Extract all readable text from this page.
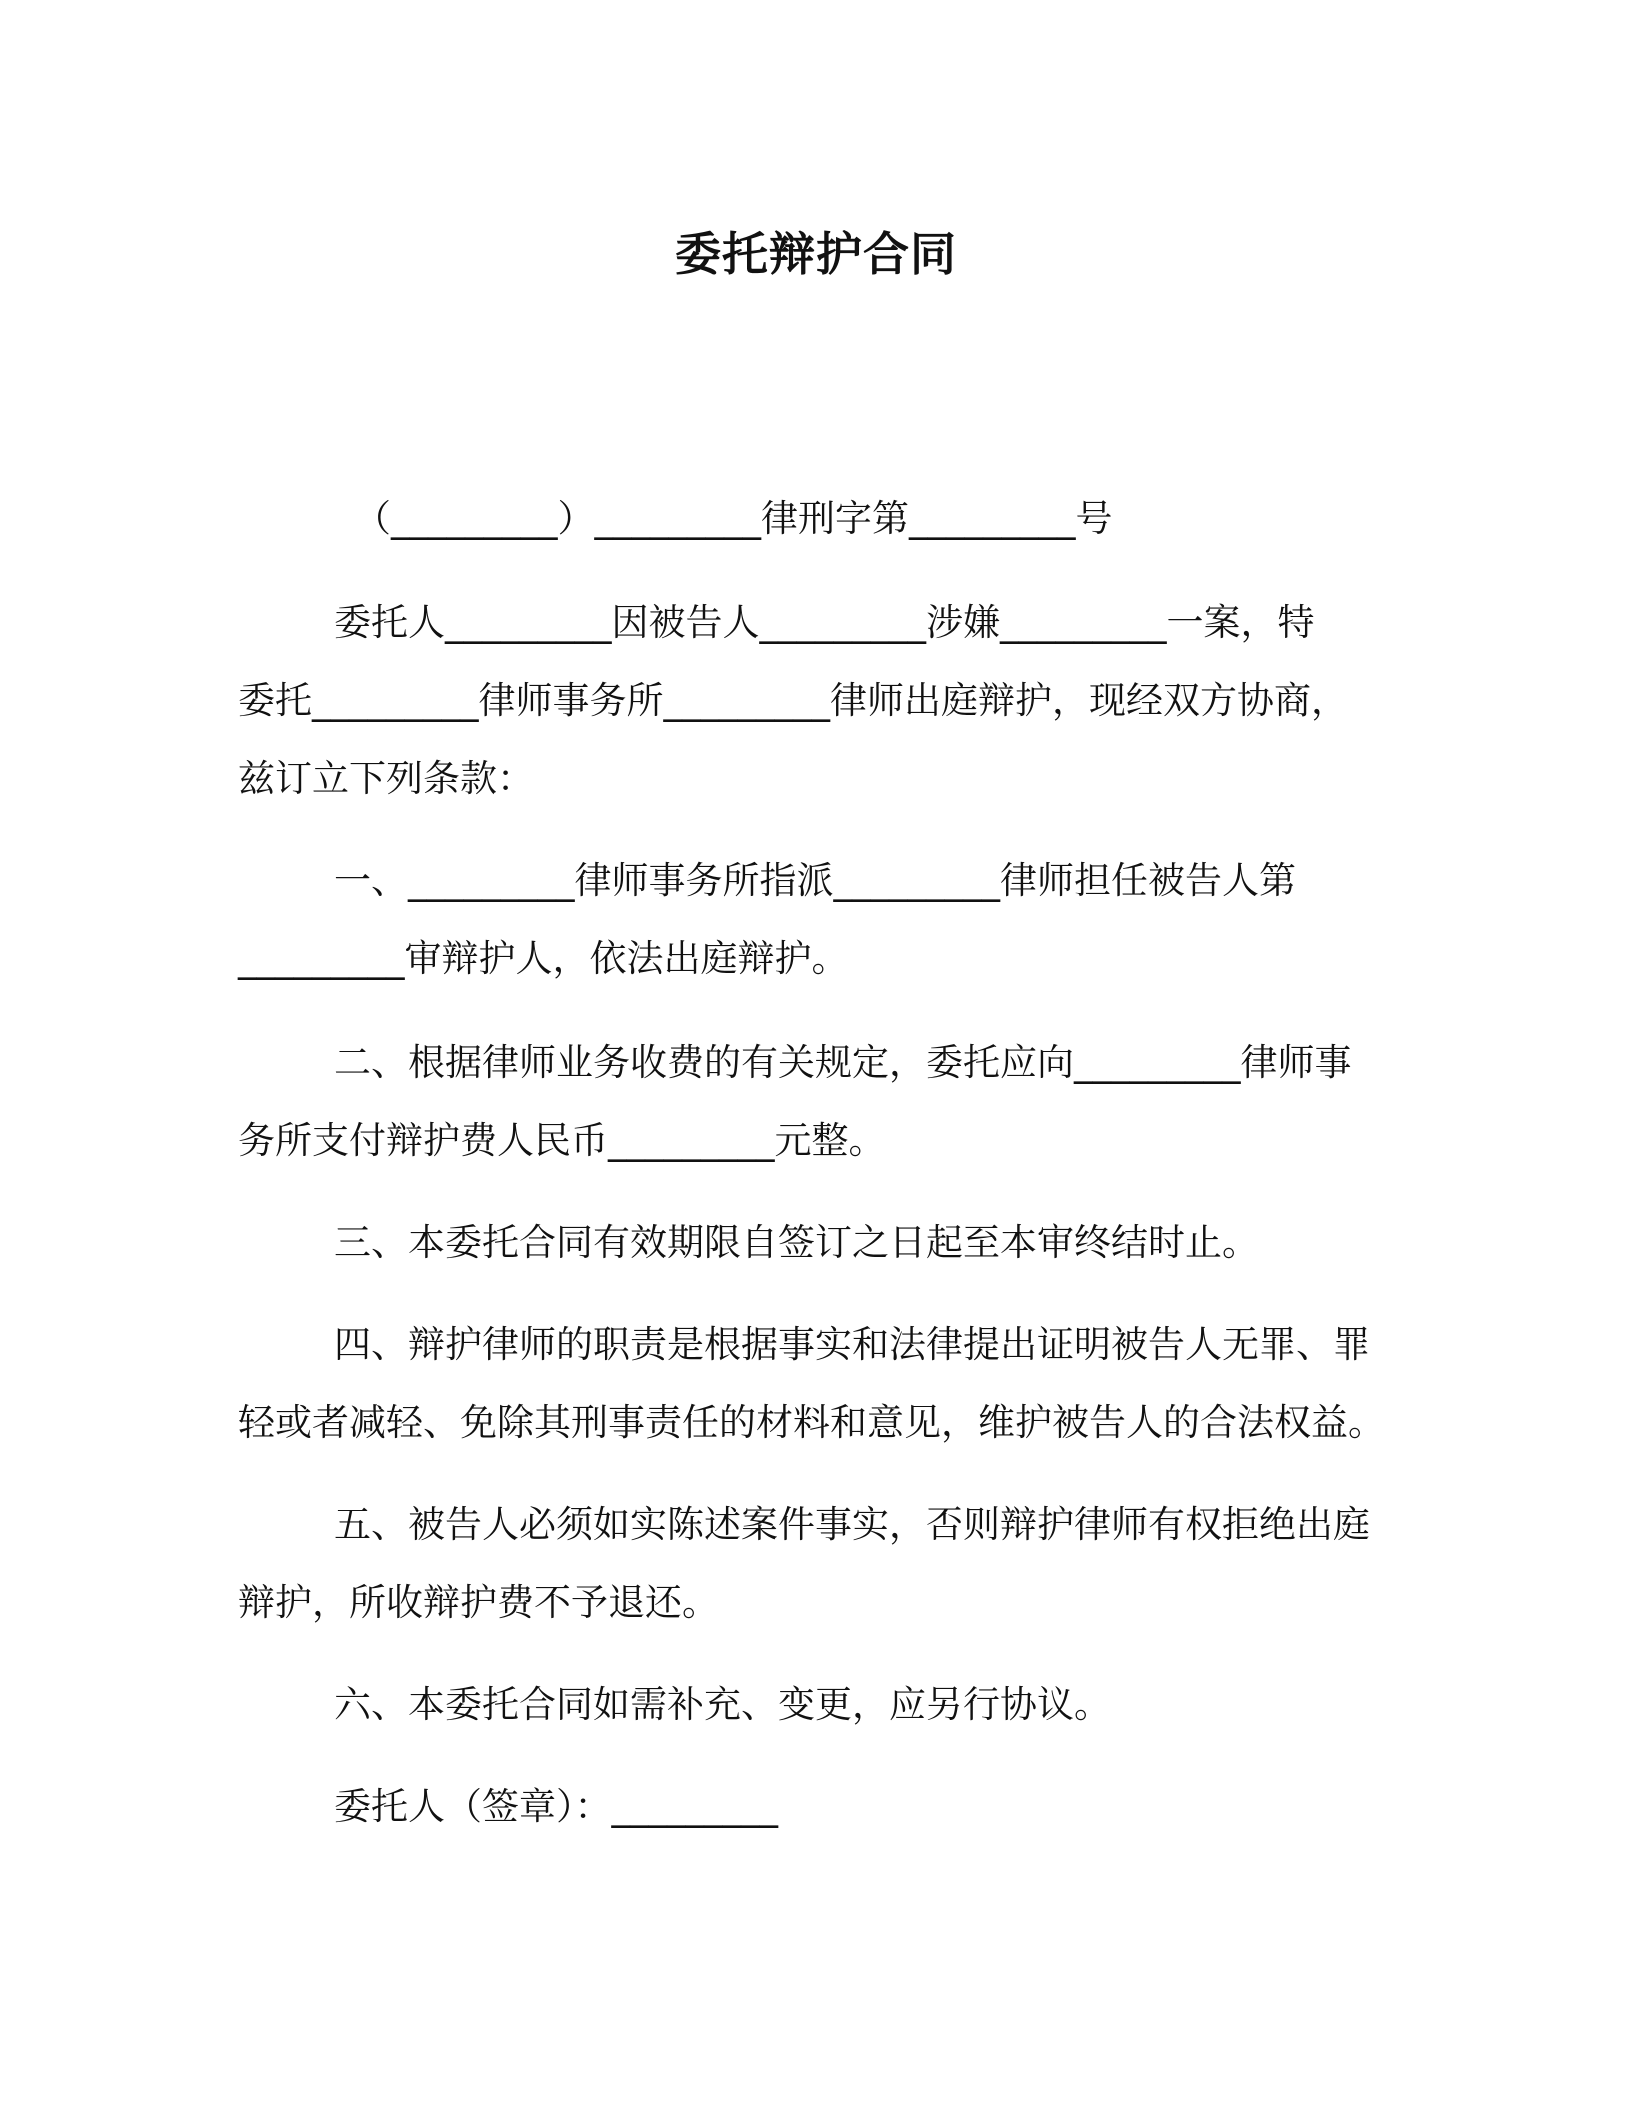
委托辩护合同
（_________）_________律刑字第_________号
委托人_________因被告人_________涉嫌_________一案，特
委托_________律师事务所_________律师出庭辩护，现经双方协商，
兹订立下列条款：
一、_________律师事务所指派_________律师担任被告人第
_________审辩护人，依法出庭辩护。
二、根据律师业务收费的有关规定，委托应向_________律师事
务所支付辩护费人民币_________元整。
三、本委托合同有效期限自签订之日起至本审终结时止。
四、辩护律师的职责是根据事实和法律提出证明被告人无罪、罪
轻或者减轻、免除其刑事责任的材料和意见，维护被告人的合法权益。
五、被告人必须如实陈述案件事实，否则辩护律师有权拒绝出庭
辩护，所收辩护费不予退还。
六、本委托合同如需补充、变更，应另行协议。
委托人（签章）：_________
